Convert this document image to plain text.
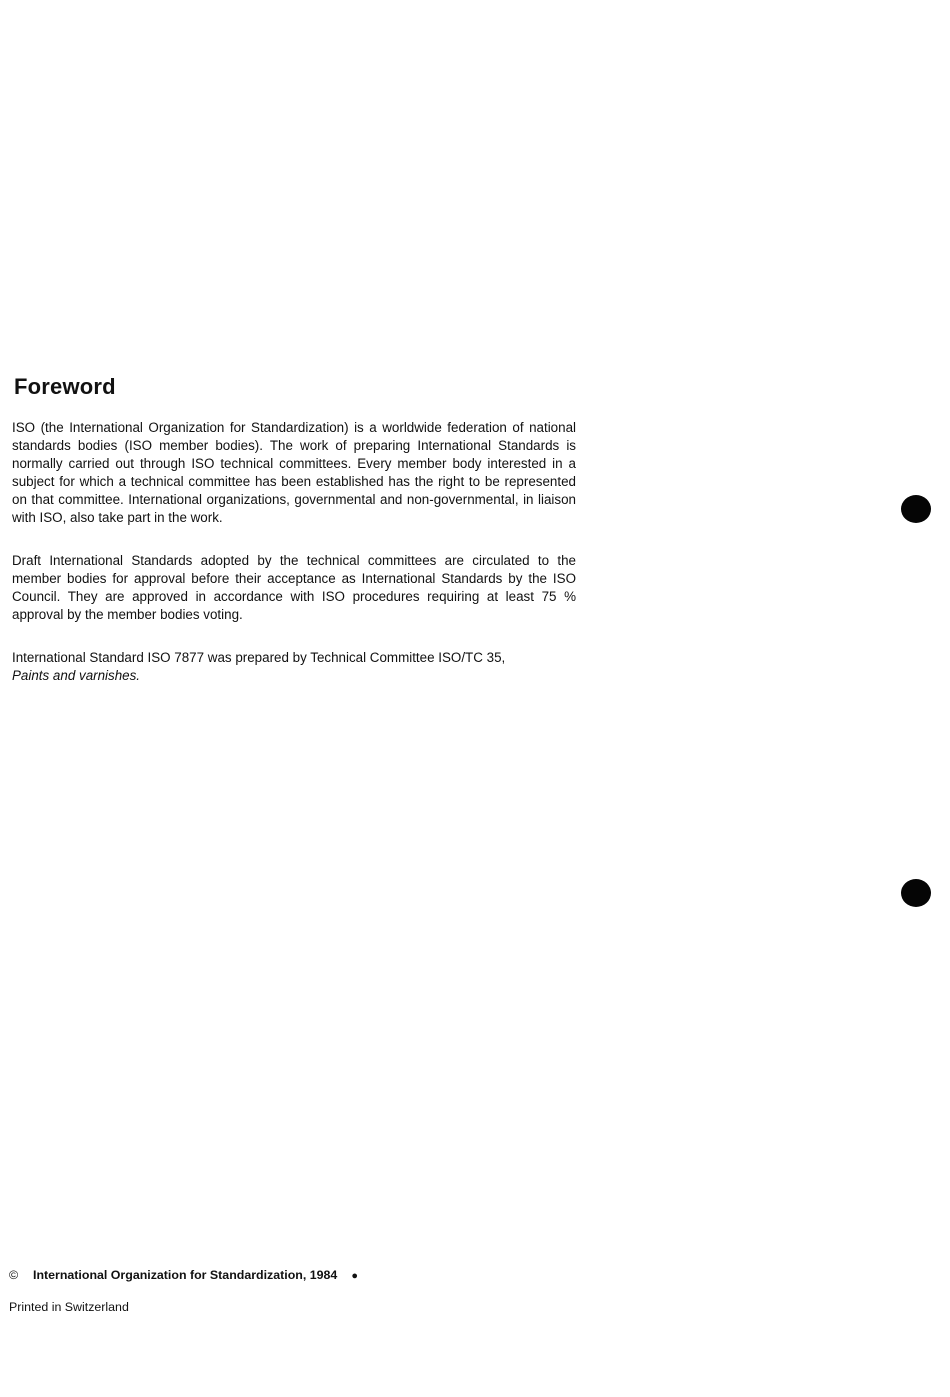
Foreword

ISO (the International Organization for Standardization) is a worldwide federation of national standards bodies (ISO member bodies). The work of preparing International Standards is normally carried out through ISO technical committees. Every member body interested in a subject for which a technical committee has been established has the right to be represented on that committee. International organizations, governmental and non-governmental, in liaison with ISO, also take part in the work.

Draft International Standards adopted by the technical committees are circulated to the member bodies for approval before their acceptance as International Standards by the ISO Council. They are approved in accordance with ISO procedures requiring at least 75 % approval by the member bodies voting.

International Standard ISO 7877 was prepared by Technical Committee ISO/TC 35,
Paints and varnishes.

© International Organization for Standardization, 1984 ●
Printed in Switzerland
